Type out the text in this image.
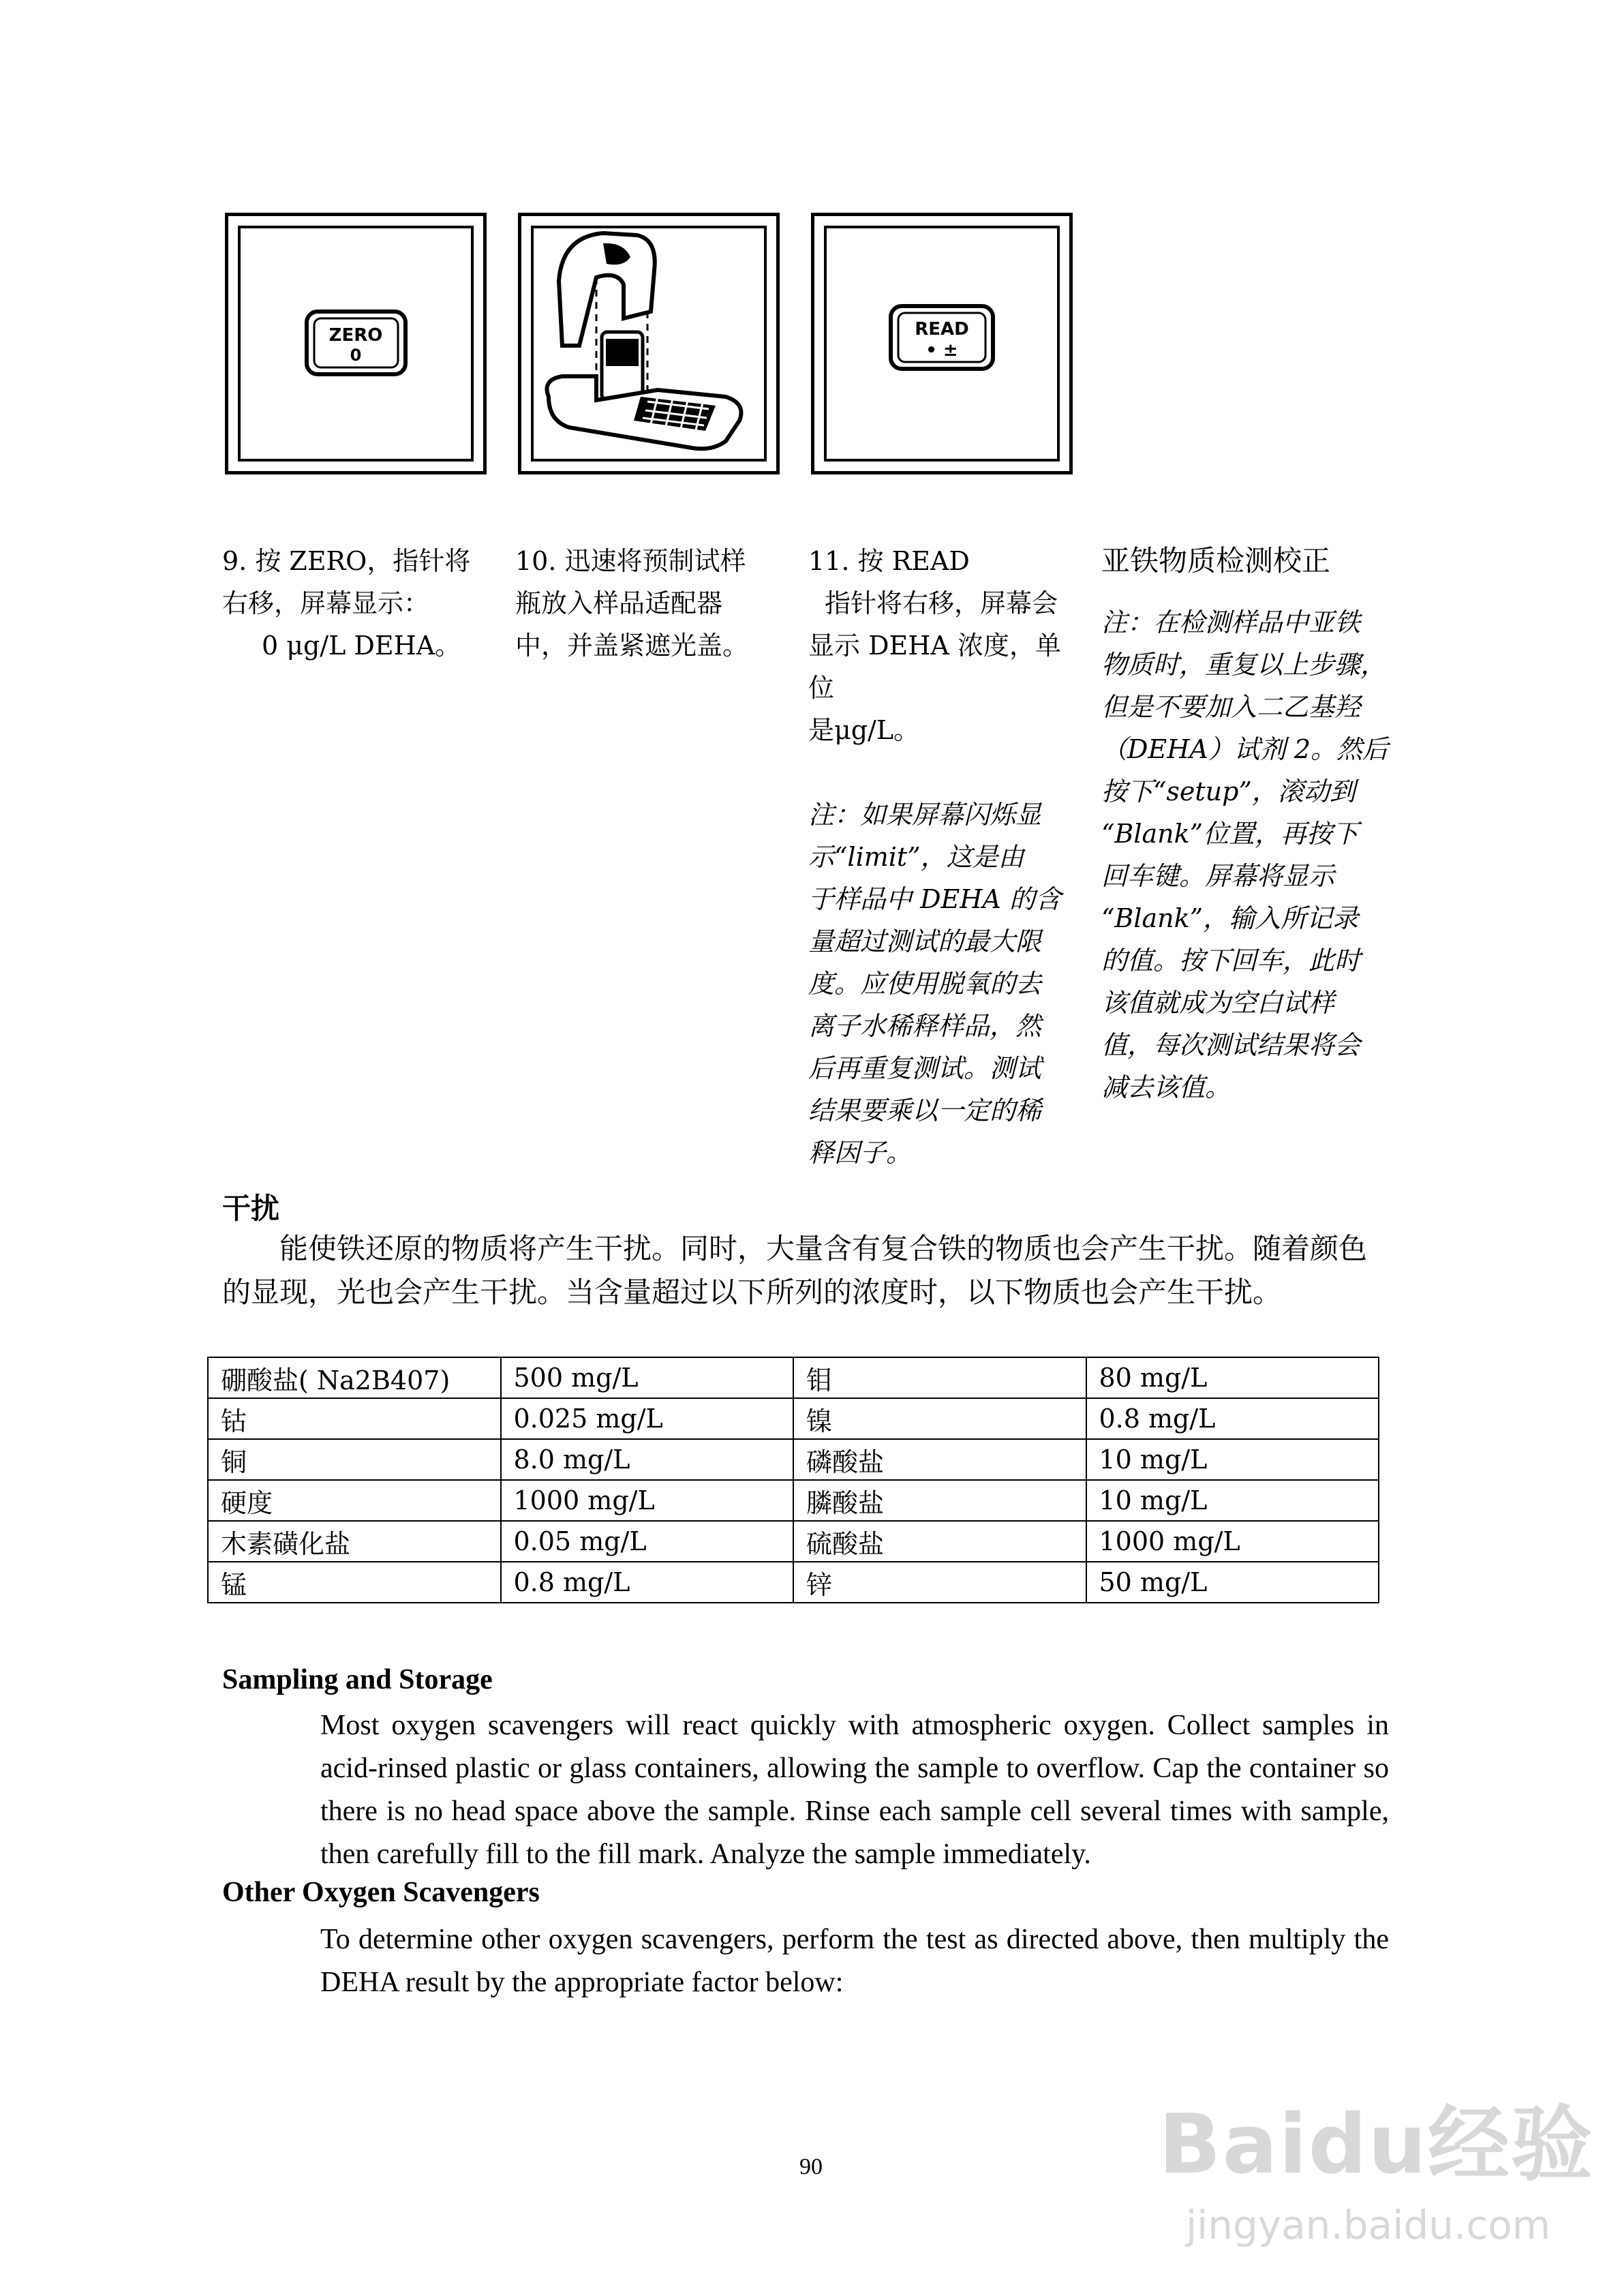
ZERO
0
READ
• ±

9. 按 ZERO，指针将

右移，屏幕显示：

0 μg/L DEHA。

10. 迅速将预制试样

瓶放入样品适配器

中，并盖紧遮光盖。

11. 按 READ

指针将右移，屏幕会

显示 DEHA 浓度，单位

是μg/L。

注：如果屏幕闪烁显

示“limit”，这是由

于样品中 DEHA 的含

量超过测试的最大限

度。应使用脱氧的去

离子水稀释样品，然

后再重复测试。测试

结果要乘以一定的稀

释因子。

亚铁物质检测校正

注：在检测样品中亚铁

物质时，重复以上步骤，

但是不要加入二乙基羟

（DEHA）试剂 2。然后

按下“setup”，滚动到

“Blank”位置，再按下

回车键。屏幕将显示

“Blank”，输入所记录

的值。按下回车，此时

该值就成为空白试样

值，每次测试结果将会

减去该值。

干扰

能使铁还原的物质将产生干扰。同时，大量含有复合铁的物质也会产生干扰。随着颜色的显现，光也会产生干扰。当含量超过以下所列的浓度时，以下物质也会产生干扰。

硼酸盐( Na2B407)	500 mg/L	钼	80 mg/L
钴	0.025 mg/L	镍	0.8 mg/L
铜	8.0 mg/L	磷酸盐	10 mg/L
硬度	1000 mg/L	膦酸盐	10 mg/L
木素磺化盐	0.05 mg/L	硫酸盐	1000 mg/L
锰	0.8 mg/L	锌	50 mg/L
Sampling and Storage

Most oxygen scavengers will react quickly with atmospheric oxygen. Collect samples in acid-rinsed plastic or glass containers, allowing the sample to overflow. Cap the container so there is no head space above the sample. Rinse each sample cell several times with sample, then carefully fill to the fill mark. Analyze the sample immediately.

Other Oxygen Scavengers

To determine other oxygen scavengers, perform the test as directed above, then multiply the DEHA result by the appropriate factor below:

90	Baidu经验
jingyan.baidu.com
